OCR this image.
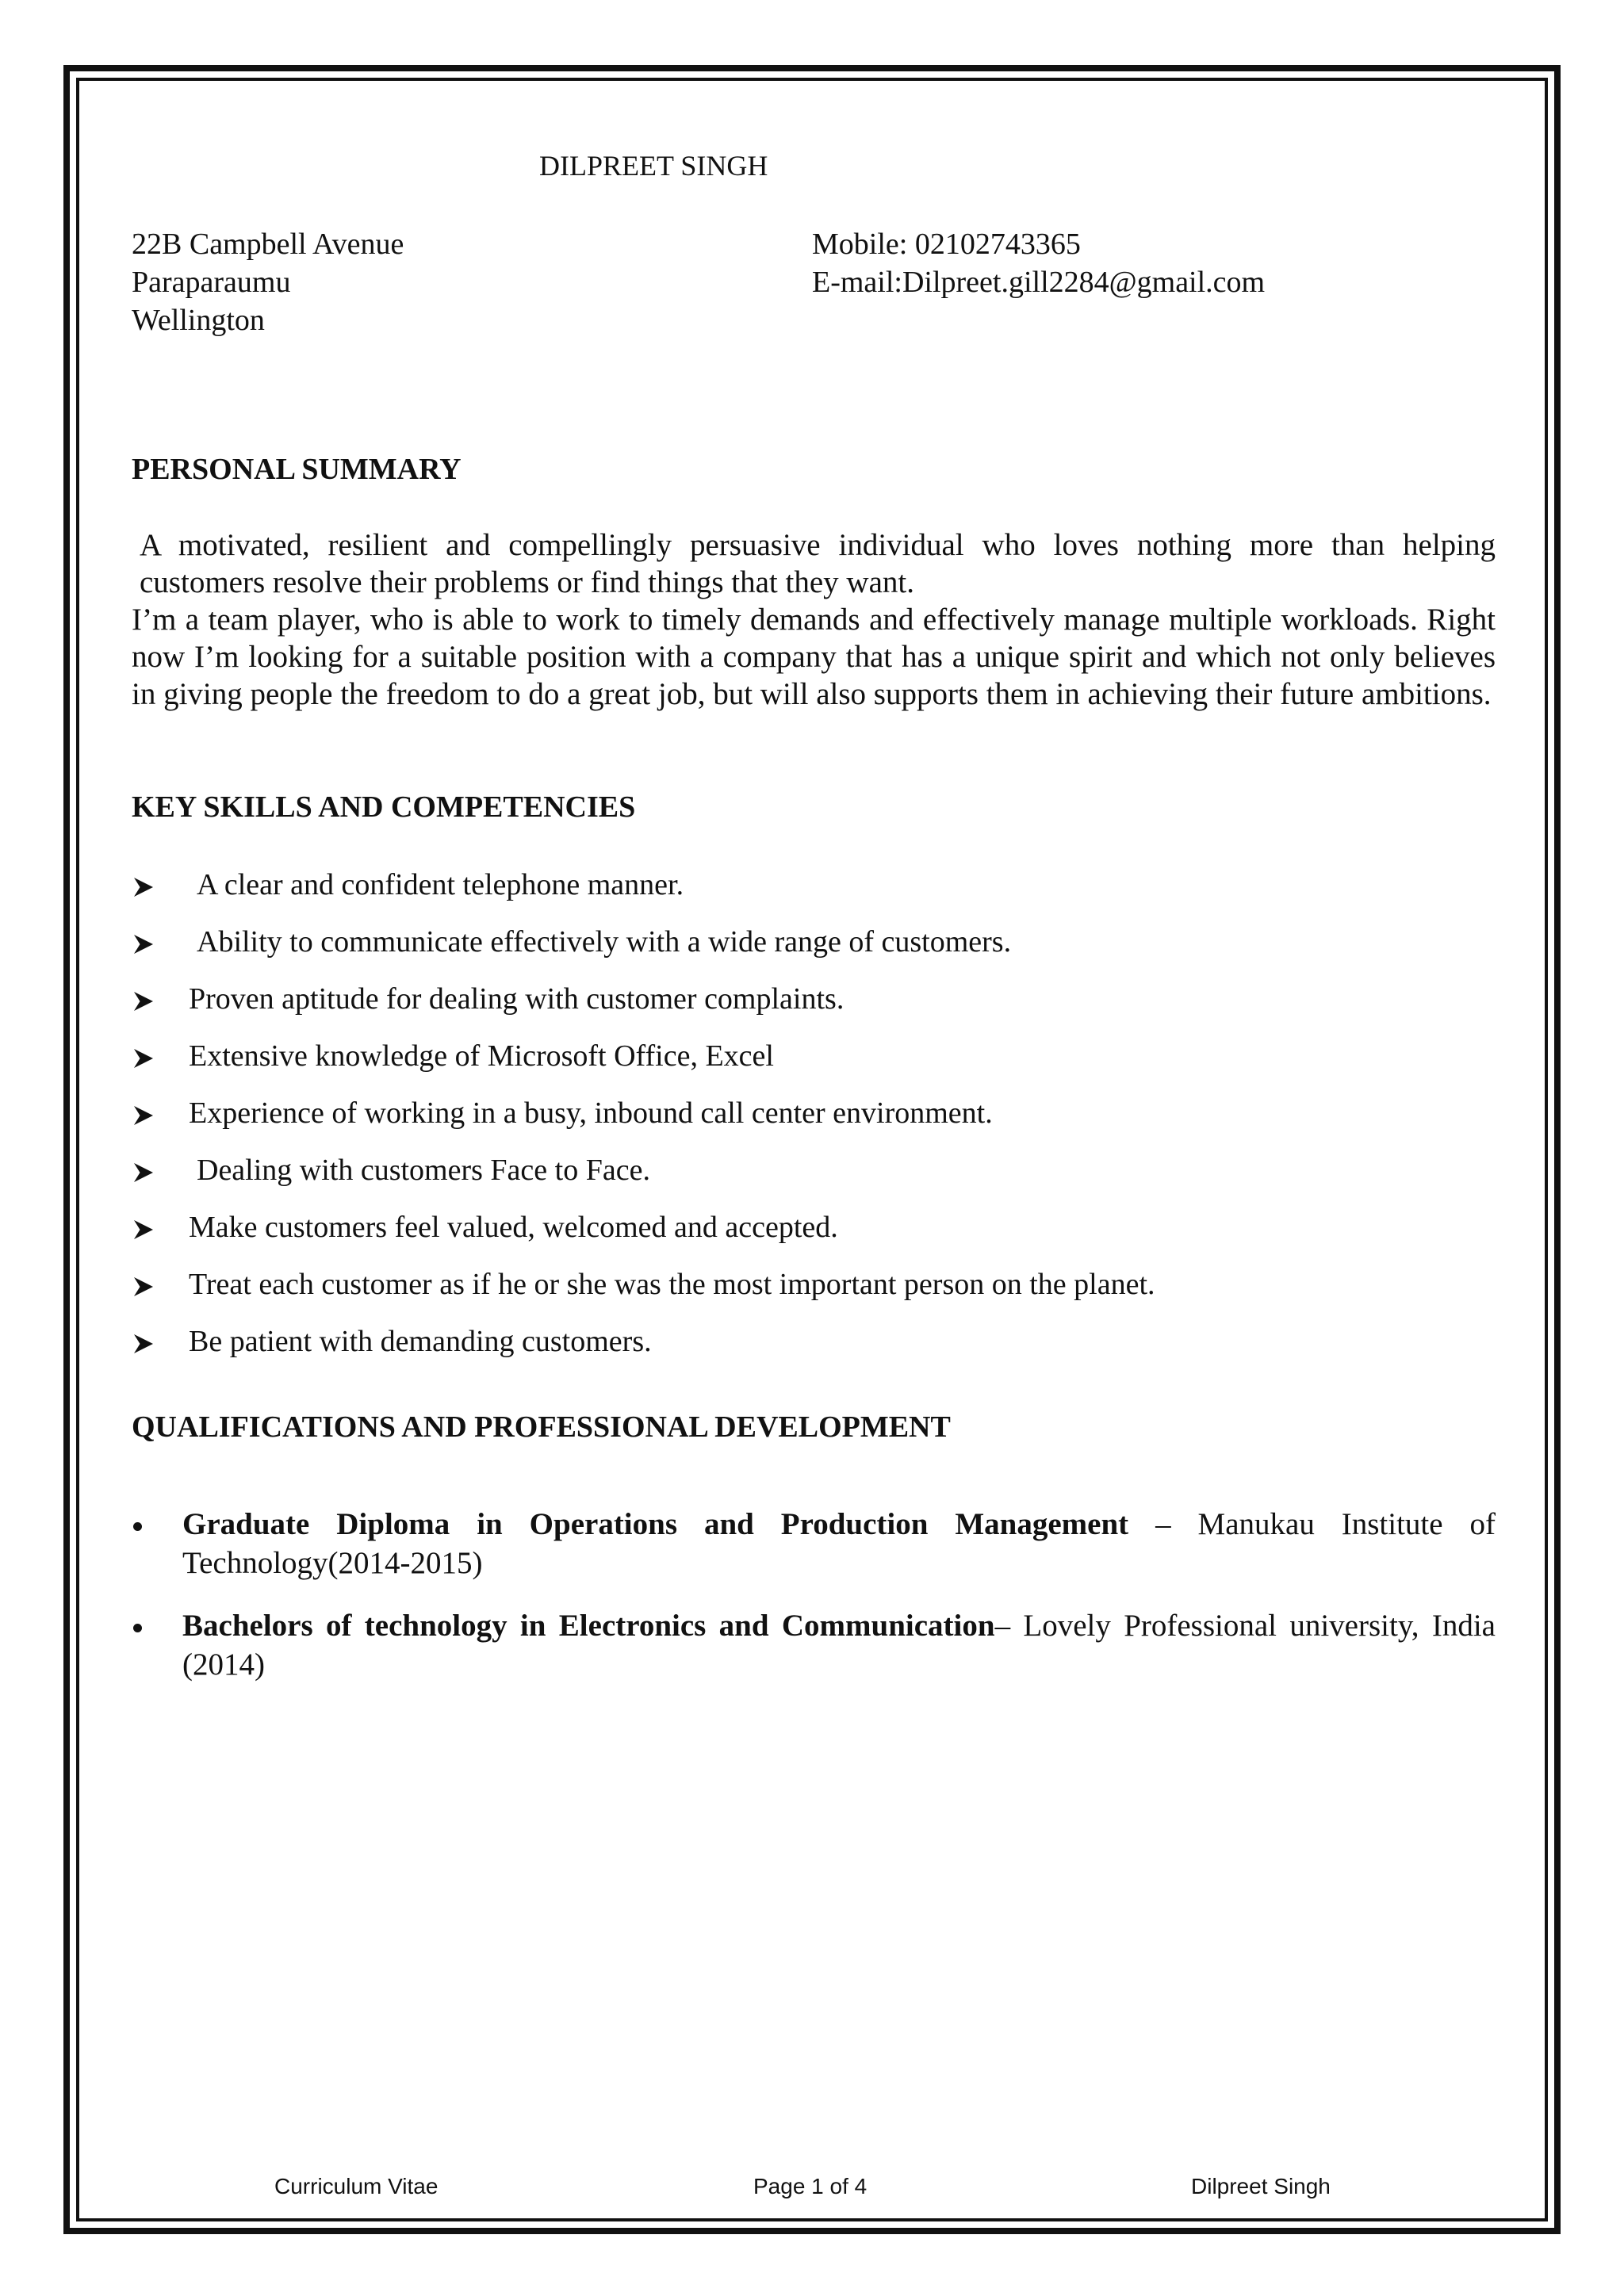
DILPREET SINGH
22B Campbell Avenue
Paraparaumu
Wellington
Mobile: 02102743365
E-mail:Dilpreet.gill2284@gmail.com
PERSONAL SUMMARY

A motivated, resilient and compellingly persuasive individual who loves nothing more than helping customers resolve their problems or find things that they want.

I’m a team player, who is able to work to timely demands and effectively manage multiple workloads. Right now I’m looking for a suitable position with a company that has a unique spirit and which not only believes in giving people the freedom to do a great job, but will also supports them in achieving their future ambitions.

KEY SKILLS AND COMPETENCIES
A clear and confident telephone manner.
Ability to communicate effectively with a wide range of customers.
Proven aptitude for dealing with customer complaints.
Extensive knowledge of Microsoft Office, Excel
Experience of working in a busy, inbound call center environment.
Dealing with customers Face to Face.
Make customers feel valued, welcomed and accepted.
Treat each customer as if he or she was the most important person on the planet.
Be patient with demanding customers.
QUALIFICATIONS AND PROFESSIONAL DEVELOPMENT
Graduate Diploma in Operations and Production Management – Manukau Institute of Technology(2014-2015)
Bachelors of technology in Electronics and Communication– Lovely Professional university, India (2014)
Curriculum Vitae	Page 1 of 4	Dilpreet Singh
